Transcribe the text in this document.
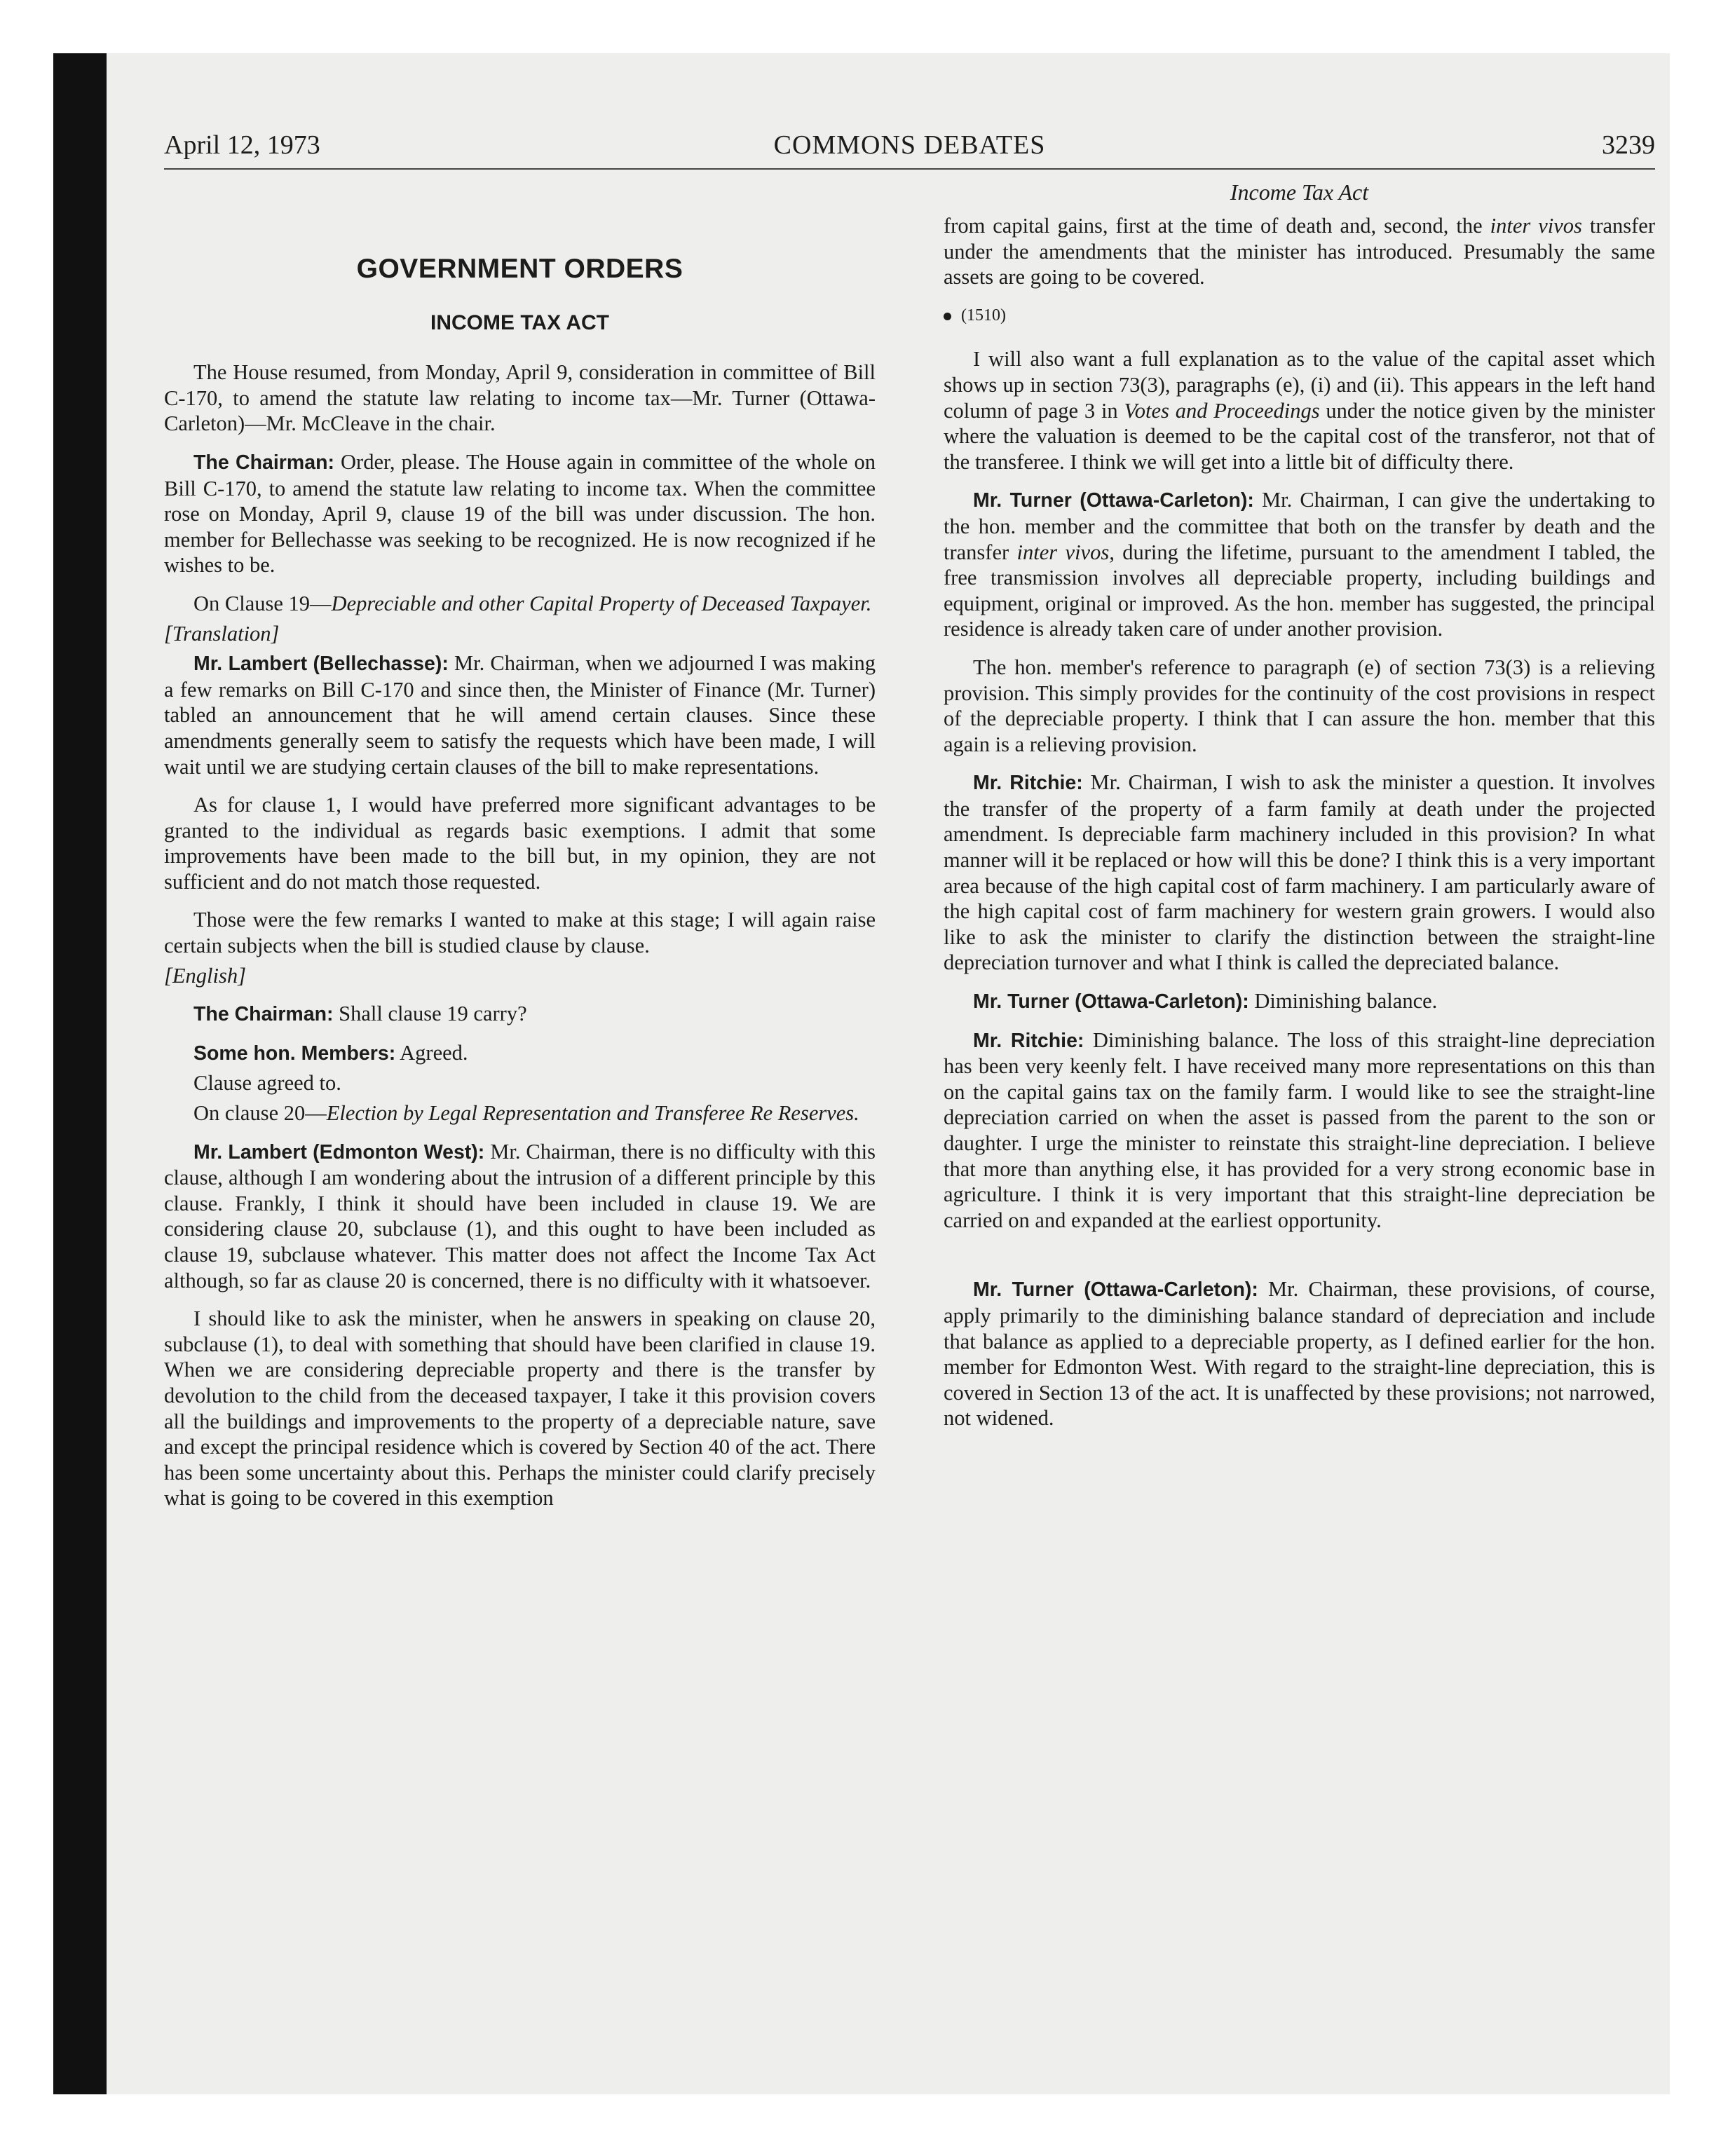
April 12, 1973	COMMONS DEBATES	3239
GOVERNMENT ORDERS
INCOME TAX ACT

The House resumed, from Monday, April 9, consideration in committee of Bill C-170, to amend the statute law relating to income tax—Mr. Turner (Ottawa-Carleton)—Mr. McCleave in the chair.

The Chairman: Order, please. The House again in committee of the whole on Bill C-170, to amend the statute law relating to income tax. When the committee rose on Monday, April 9, clause 19 of the bill was under discussion. The hon. member for Bellechasse was seeking to be recognized. He is now recognized if he wishes to be.

On Clause 19—Depreciable and other Capital Property of Deceased Taxpayer.

[Translation]

Mr. Lambert (Bellechasse): Mr. Chairman, when we adjourned I was making a few remarks on Bill C-170 and since then, the Minister of Finance (Mr. Turner) tabled an announcement that he will amend certain clauses. Since these amendments generally seem to satisfy the requests which have been made, I will wait until we are studying certain clauses of the bill to make representations.

As for clause 1, I would have preferred more significant advantages to be granted to the individual as regards basic exemptions. I admit that some improvements have been made to the bill but, in my opinion, they are not sufficient and do not match those requested.

Those were the few remarks I wanted to make at this stage; I will again raise certain subjects when the bill is studied clause by clause.

[English]

The Chairman: Shall clause 19 carry?

Some hon. Members: Agreed.

Clause agreed to.

On clause 20—Election by Legal Representation and Transferee Re Reserves.

Mr. Lambert (Edmonton West): Mr. Chairman, there is no difficulty with this clause, although I am wondering about the intrusion of a different principle by this clause. Frankly, I think it should have been included in clause 19. We are considering clause 20, subclause (1), and this ought to have been included as clause 19, subclause whatever. This matter does not affect the Income Tax Act although, so far as clause 20 is concerned, there is no difficulty with it whatsoever.

I should like to ask the minister, when he answers in speaking on clause 20, subclause (1), to deal with something that should have been clarified in clause 19. When we are considering depreciable property and there is the transfer by devolution to the child from the deceased taxpayer, I take it this provision covers all the buildings and improvements to the property of a depreciable nature, save and except the principal residence which is covered by Section 40 of the act. There has been some uncertainty about this. Perhaps the minister could clarify precisely what is going to be covered in this exemption

Income Tax Act

from capital gains, first at the time of death and, second, the inter vivos transfer under the amendments that the minister has introduced. Presumably the same assets are going to be covered.

(1510)

I will also want a full explanation as to the value of the capital asset which shows up in section 73(3), paragraphs (e), (i) and (ii). This appears in the left hand column of page 3 in Votes and Proceedings under the notice given by the minister where the valuation is deemed to be the capital cost of the transferor, not that of the transferee. I think we will get into a little bit of difficulty there.

Mr. Turner (Ottawa-Carleton): Mr. Chairman, I can give the undertaking to the hon. member and the committee that both on the transfer by death and the transfer inter vivos, during the lifetime, pursuant to the amendment I tabled, the free transmission involves all depreciable property, including buildings and equipment, original or improved. As the hon. member has suggested, the principal residence is already taken care of under another provision.

The hon. member's reference to paragraph (e) of section 73(3) is a relieving provision. This simply provides for the continuity of the cost provisions in respect of the depreciable property. I think that I can assure the hon. member that this again is a relieving provision.

Mr. Ritchie: Mr. Chairman, I wish to ask the minister a question. It involves the transfer of the property of a farm family at death under the projected amendment. Is depreciable farm machinery included in this provision? In what manner will it be replaced or how will this be done? I think this is a very important area because of the high capital cost of farm machinery. I am particularly aware of the high capital cost of farm machinery for western grain growers. I would also like to ask the minister to clarify the distinction between the straight-line depreciation turnover and what I think is called the depreciated balance.

Mr. Turner (Ottawa-Carleton): Diminishing balance.

Mr. Ritchie: Diminishing balance. The loss of this straight-line depreciation has been very keenly felt. I have received many more representations on this than on the capital gains tax on the family farm. I would like to see the straight-line depreciation carried on when the asset is passed from the parent to the son or daughter. I urge the minister to reinstate this straight-line depreciation. I believe that more than anything else, it has provided for a very strong economic base in agriculture. I think it is very important that this straight-line depreciation be carried on and expanded at the earliest opportunity.

Mr. Turner (Ottawa-Carleton): Mr. Chairman, these provisions, of course, apply primarily to the diminishing balance standard of depreciation and include that balance as applied to a depreciable property, as I defined earlier for the hon. member for Edmonton West. With regard to the straight-line depreciation, this is covered in Section 13 of the act. It is unaffected by these provisions; not narrowed, not widened.
